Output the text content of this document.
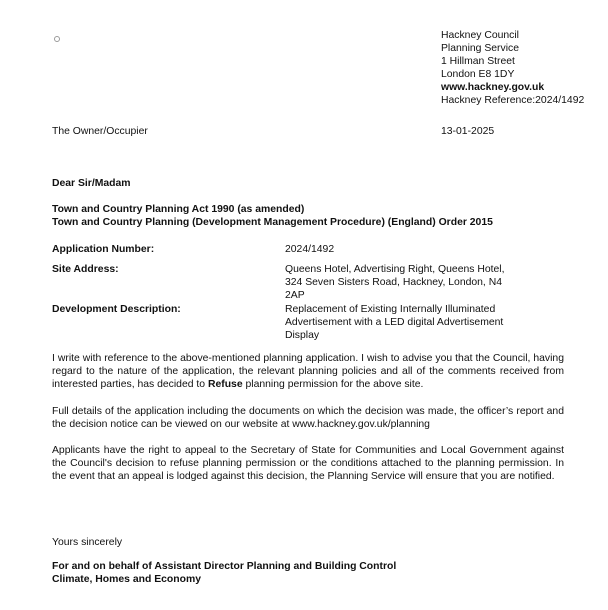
Hackney Council
Planning Service
1 Hillman Street
London E8 1DY
www.hackney.gov.uk
Hackney Reference:2024/1492
The Owner/Occupier	13-01-2025
Dear Sir/Madam
Town and Country Planning Act 1990 (as amended)
Town and Country Planning (Development Management Procedure) (England) Order 2015
Application Number:	2024/1492
Site Address:	Queens Hotel, Advertising Right, Queens Hotel, 324 Seven Sisters Road, Hackney, London, N4 2AP
Development Description:	Replacement of Existing Internally Illuminated Advertisement with a LED digital Advertisement Display
I write with reference to the above-mentioned planning application. I wish to advise you that the Council, having regard to the nature of the application, the relevant planning policies and all of the comments received from interested parties, has decided to Refuse planning permission for the above site.
Full details of the application including the documents on which the decision was made, the officer’s report and the decision notice can be viewed on our website at www.hackney.gov.uk/planning
Applicants have the right to appeal to the Secretary of State for Communities and Local Government against the Council's decision to refuse planning permission or the conditions attached to the planning permission. In the event that an appeal is lodged against this decision, the Planning Service will ensure that you are notified.
Yours sincerely
For and on behalf of Assistant Director Planning and Building Control
Climate, Homes and Economy
